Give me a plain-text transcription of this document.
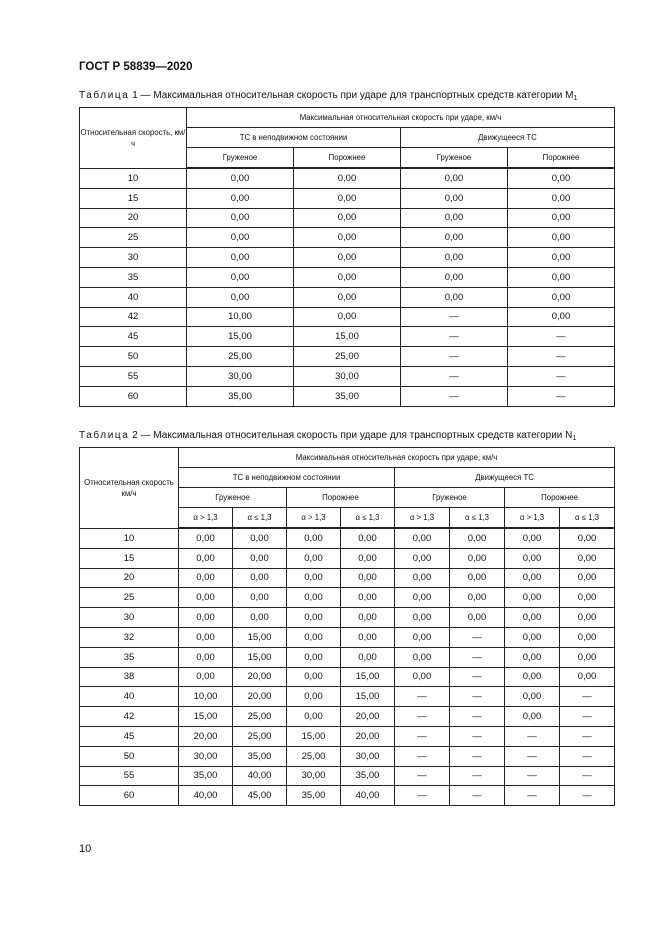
ГОСТ Р 58839—2020
Таблица 1 — Максимальная относительная скорость при ударе для транспортных средств категории $M_1$
Относительная скорость, км/ч	Максимальная относительная скорость при ударе, км/ч			
	ТС в неподвижном состоянии		Движущееся ТС	
	Груженое	Порожнее	Груженое	Порожнее
10	0,00	0,00	0,00	0,00
15	0,00	0,00	0,00	0,00
20	0,00	0,00	0,00	0,00
25	0,00	0,00	0,00	0,00
30	0,00	0,00	0,00	0,00
35	0,00	0,00	0,00	0,00
40	0,00	0,00	0,00	0,00
42	10,00	0,00	—	0,00
45	15,00	15,00	—	—
50	25,00	25,00	—	—
55	30,00	30,00	—	—
60	35,00	35,00	—	—
Таблица 2 — Максимальная относительная скорость при ударе для транспортных средств категории $N_1$
Относительная скорость км/ч	Максимальная относительная скорость при ударе, км/ч							
	ТС в неподвижном состоянии				Движущееся ТС			
	Груженое		Порожнее		Груженое		Порожнее	
	α > 1,3	α ≤ 1,3	α > 1,3	α ≤ 1,3	α > 1,3	α ≤ 1,3	α > 1,3	α ≤ 1,3
10	0,00	0,00	0,00	0,00	0,00	0,00	0,00	0,00
15	0,00	0,00	0,00	0,00	0,00	0,00	0,00	0,00
20	0,00	0,00	0,00	0,00	0,00	0,00	0,00	0,00
25	0,00	0,00	0,00	0,00	0,00	0,00	0,00	0,00
30	0,00	0,00	0,00	0,00	0,00	0,00	0,00	0,00
32	0,00	15,00	0,00	0,00	0,00	—	0,00	0,00
35	0,00	15,00	0,00	0,00	0,00	—	0,00	0,00
38	0,00	20,00	0,00	15,00	0,00	—	0,00	0,00
40	10,00	20,00	0,00	15,00	—	—	0,00	—
42	15,00	25,00	0,00	20,00	—	—	0,00	—
45	20,00	25,00	15,00	20,00	—	—	—	—
50	30,00	35,00	25,00	30,00	—	—	—	—
55	35,00	40,00	30,00	35,00	—	—	—	—
60	40,00	45,00	35,00	40,00	—	—	—	—
10
